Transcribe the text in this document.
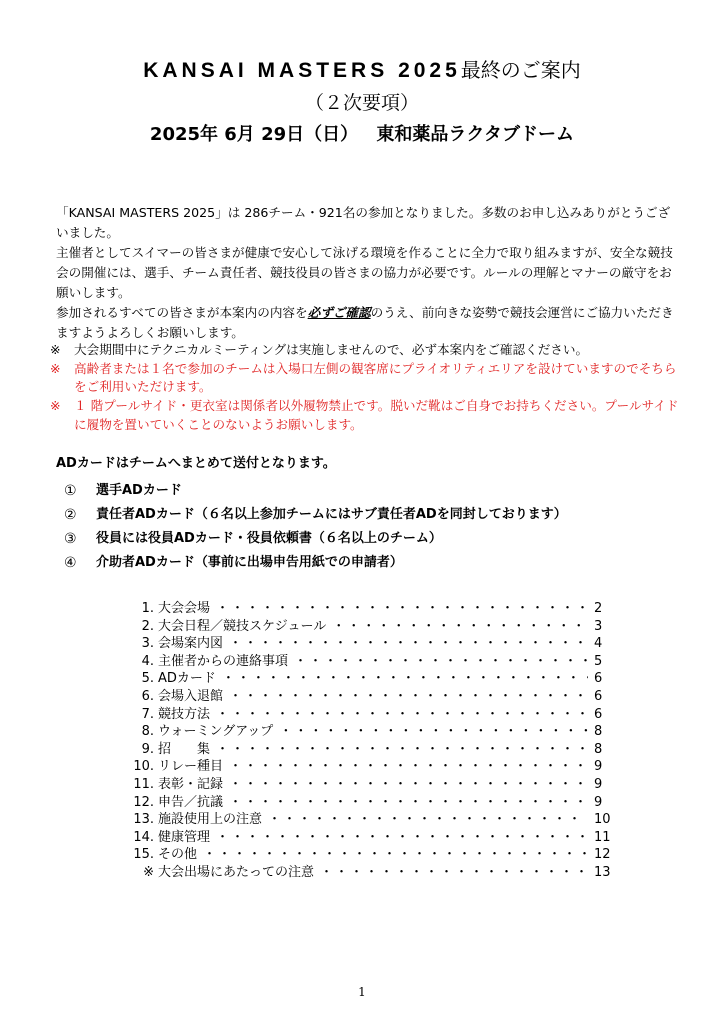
KANSAI MASTERS 2025最終のご案内
（２次要項）
2025年 6月 29日（日） 東和薬品ラクタブドーム

「KANSAI MASTERS 2025」は 286チーム・921名の参加となりました。多数のお申し込みありがとうございました。

主催者としてスイマーの皆さまが健康で安心して泳げる環境を作ることに全力で取り組みますが、安全な競技会の開催には、選手、チーム責任者、競技役員の皆さまの協力が必要です。ルールの理解とマナーの厳守をお願いします。

参加されるすべての皆さまが本案内の内容を必ずご確認のうえ、前向きな姿勢で競技会運営にご協力いただきますようよろしくお願いします。

※	大会期間中にテクニカルミーティングは実施しませんので、必ず本案内をご確認ください。
※	高齢者または１名で参加のチームは入場口左側の観客席にプライオリティエリアを設けていますのでそちらをご利用いただけます。
※	１ 階プールサイド・更衣室は関係者以外履物禁止です。脱いだ靴はご自身でお持ちください。プールサイドに履物を置いていくことのないようお願いします。
ADカードはチームへまとめて送付となります。
①	選手ADカード
②	責任者ADカード（６名以上参加チームにはサブ責任者ADを同封しております）
③	役員には役員ADカード・役員依頼書（６名以上のチーム）
④	介助者ADカード（事前に出場申告用紙での申請者）
1. 大会会場 ・・・・・・・・・・・・・・・・・・・・・・・・・・・・・・・・・・・・・・	2
2. 大会日程／競技スケジュール ・・・・・・・・・・・・・・・・・・・・・・・・・・・・・・・・・・・・・・	3
3. 会場案内図 ・・・・・・・・・・・・・・・・・・・・・・・・・・・・・・・・・・・・・・	4
4. 主催者からの連絡事項 ・・・・・・・・・・・・・・・・・・・・・・・・・・・・・・・・・・・・・・	5
5. ADカード ・・・・・・・・・・・・・・・・・・・・・・・・・・・・・・・・・・・・・・	6
6. 会場入退館 ・・・・・・・・・・・・・・・・・・・・・・・・・・・・・・・・・・・・・・	6
7. 競技方法 ・・・・・・・・・・・・・・・・・・・・・・・・・・・・・・・・・・・・・・	6
8. ウォーミングアップ ・・・・・・・・・・・・・・・・・・・・・・・・・・・・・・・・・・・・・・	8
9. 招　　集 ・・・・・・・・・・・・・・・・・・・・・・・・・・・・・・・・・・・・・・	8
10. リレー種目 ・・・・・・・・・・・・・・・・・・・・・・・・・・・・・・・・・・・・・・	9
11. 表彰・記録 ・・・・・・・・・・・・・・・・・・・・・・・・・・・・・・・・・・・・・・	9
12. 申告／抗議 ・・・・・・・・・・・・・・・・・・・・・・・・・・・・・・・・・・・・・・	9
13. 施設使用上の注意 ・・・・・・・・・・・・・・・・・・・・・・・・・・・・・・・・・・・・・・	10
14. 健康管理 ・・・・・・・・・・・・・・・・・・・・・・・・・・・・・・・・・・・・・・	11
15. その他 ・・・・・・・・・・・・・・・・・・・・・・・・・・・・・・・・・・・・・・	12
※ 大会出場にあたっての注意 ・・・・・・・・・・・・・・・・・・・・・・・・・・・・・・・・・・・・・・	13
1
